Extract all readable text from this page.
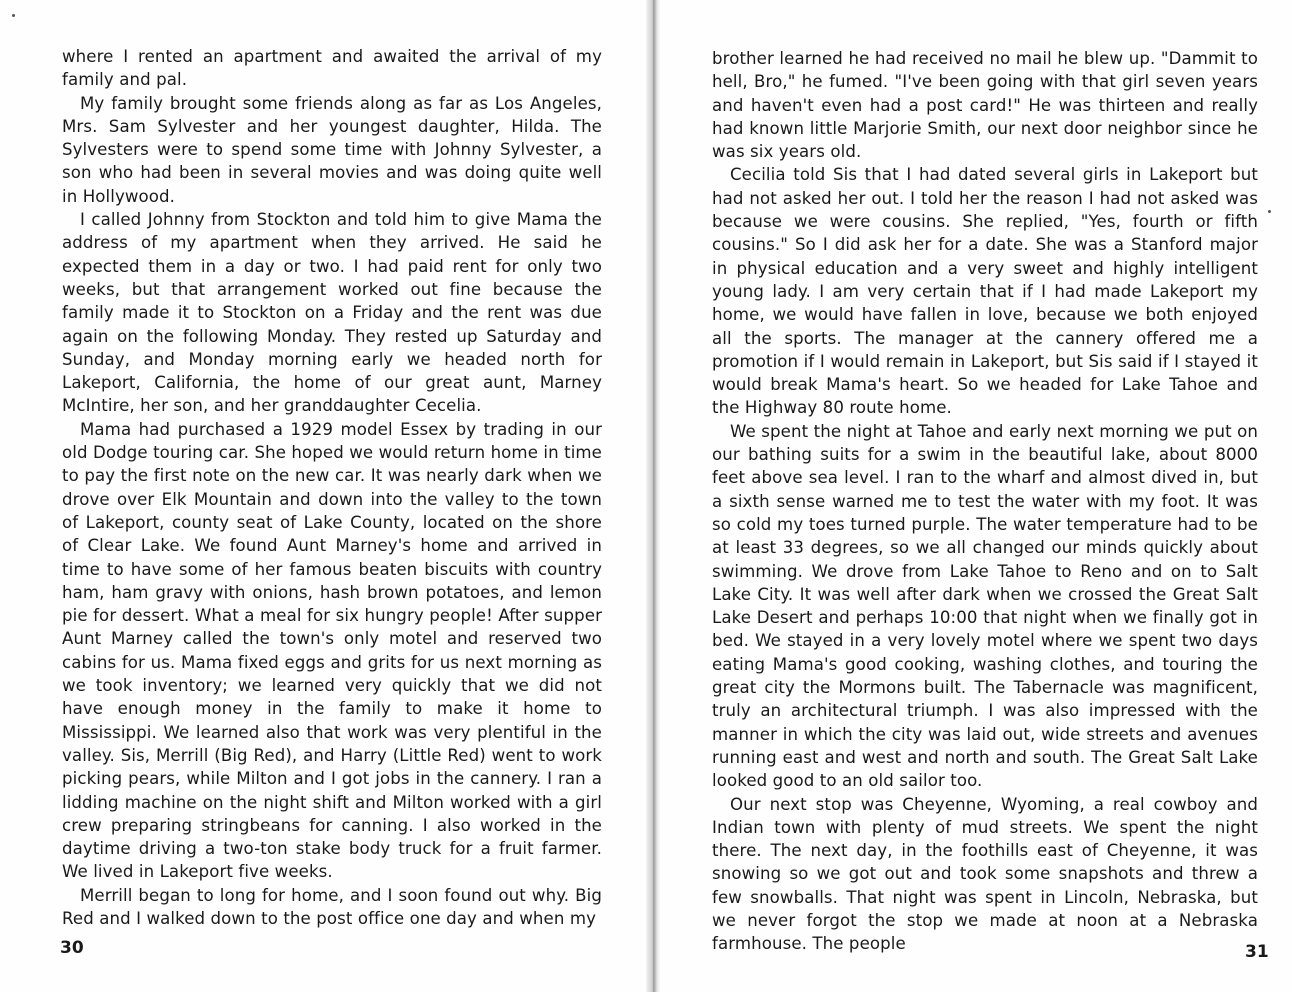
where I rented an apartment and awaited the arrival of my family and pal.

My family brought some friends along as far as Los Angeles, Mrs. Sam Sylvester and her youngest daughter, Hilda. The Sylvesters were to spend some time with Johnny Sylvester, a son who had been in several movies and was doing quite well in Hollywood.

I called Johnny from Stockton and told him to give Mama the address of my apartment when they arrived. He said he expected them in a day or two. I had paid rent for only two weeks, but that arrangement worked out fine because the family made it to Stockton on a Friday and the rent was due again on the following Monday. They rested up Saturday and Sunday, and Monday morning early we headed north for Lakeport, California, the home of our great aunt, Marney McIntire, her son, and her granddaughter Cecelia.

Mama had purchased a 1929 model Essex by trading in our old Dodge touring car. She hoped we would return home in time to pay the first note on the new car. It was nearly dark when we drove over Elk Mountain and down into the valley to the town of Lakeport, county seat of Lake County, located on the shore of Clear Lake. We found Aunt Marney's home and arrived in time to have some of her famous beaten biscuits with country ham, ham gravy with onions, hash brown potatoes, and lemon pie for dessert. What a meal for six hungry people! After supper Aunt Marney called the town's only motel and reserved two cabins for us. Mama fixed eggs and grits for us next morning as we took inventory; we learned very quickly that we did not have enough money in the family to make it home to Mississippi. We learned also that work was very plentiful in the valley. Sis, Merrill (Big Red), and Harry (Little Red) went to work picking pears, while Milton and I got jobs in the cannery. I ran a lidding machine on the night shift and Milton worked with a girl crew preparing stringbeans for canning. I also worked in the daytime driving a two-ton stake body truck for a fruit farmer. We lived in Lakeport five weeks.

Merrill began to long for home, and I soon found out why. Big Red and I walked down to the post office one day and when my

30

brother learned he had received no mail he blew up. "Dammit to hell, Bro," he fumed. "I've been going with that girl seven years and haven't even had a post card!" He was thirteen and really had known little Marjorie Smith, our next door neighbor since he was six years old.

Cecilia told Sis that I had dated several girls in Lakeport but had not asked her out. I told her the reason I had not asked was because we were cousins. She replied, "Yes, fourth or fifth cousins." So I did ask her for a date. She was a Stanford major in physical education and a very sweet and highly intelligent young lady. I am very certain that if I had made Lakeport my home, we would have fallen in love, because we both enjoyed all the sports. The manager at the cannery offered me a promotion if I would remain in Lakeport, but Sis said if I stayed it would break Mama's heart. So we headed for Lake Tahoe and the Highway 80 route home.

We spent the night at Tahoe and early next morning we put on our bathing suits for a swim in the beautiful lake, about 8000 feet above sea level. I ran to the wharf and almost dived in, but a sixth sense warned me to test the water with my foot. It was so cold my toes turned purple. The water temperature had to be at least 33 degrees, so we all changed our minds quickly about swimming. We drove from Lake Tahoe to Reno and on to Salt Lake City. It was well after dark when we crossed the Great Salt Lake Desert and perhaps 10:00 that night when we finally got in bed. We stayed in a very lovely motel where we spent two days eating Mama's good cooking, washing clothes, and touring the great city the Mormons built. The Tabernacle was magnificent, truly an architectural triumph. I was also impressed with the manner in which the city was laid out, wide streets and avenues running east and west and north and south. The Great Salt Lake looked good to an old sailor too.

Our next stop was Cheyenne, Wyoming, a real cowboy and Indian town with plenty of mud streets. We spent the night there. The next day, in the foothills east of Cheyenne, it was snowing so we got out and took some snapshots and threw a few snowballs. That night was spent in Lincoln, Nebraska, but we never forgot the stop we made at noon at a Nebraska farmhouse. The people	31
